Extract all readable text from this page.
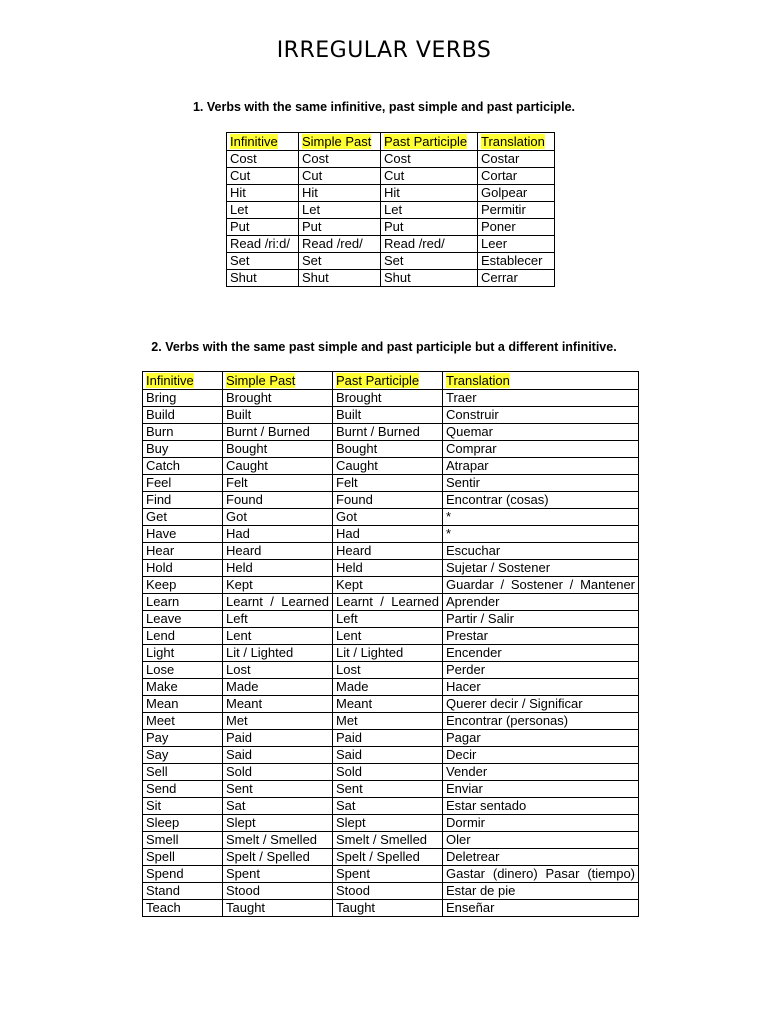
IRREGULAR VERBS
1. Verbs with the same infinitive, past simple and past participle.
Infinitive	Simple Past	Past Participle	Translation
Cost	Cost	Cost	Costar
Cut	Cut	Cut	Cortar
Hit	Hit	Hit	Golpear
Let	Let	Let	Permitir
Put	Put	Put	Poner
Read /ri:d/	Read /red/	Read /red/	Leer
Set	Set	Set	Establecer
Shut	Shut	Shut	Cerrar
2. Verbs with the same past simple and past participle but a different infinitive.
Infinitive	Simple Past	Past Participle	Translation
Bring	Brought	Brought	Traer
Build	Built	Built	Construir
Burn	Burnt / Burned	Burnt / Burned	Quemar
Buy	Bought	Bought	Comprar
Catch	Caught	Caught	Atrapar
Feel	Felt	Felt	Sentir
Find	Found	Found	Encontrar (cosas)
Get	Got	Got	*
Have	Had	Had	*
Hear	Heard	Heard	Escuchar
Hold	Held	Held	Sujetar / Sostener
Keep	Kept	Kept	Guardar / Sostener / Mantener
Learn	Learnt / Learned	Learnt / Learned	Aprender
Leave	Left	Left	Partir / Salir
Lend	Lent	Lent	Prestar
Light	Lit / Lighted	Lit / Lighted	Encender
Lose	Lost	Lost	Perder
Make	Made	Made	Hacer
Mean	Meant	Meant	Querer decir / Significar
Meet	Met	Met	Encontrar (personas)
Pay	Paid	Paid	Pagar
Say	Said	Said	Decir
Sell	Sold	Sold	Vender
Send	Sent	Sent	Enviar
Sit	Sat	Sat	Estar sentado
Sleep	Slept	Slept	Dormir
Smell	Smelt / Smelled	Smelt / Smelled	Oler
Spell	Spelt / Spelled	Spelt / Spelled	Deletrear
Spend	Spent	Spent	Gastar (dinero) Pasar (tiempo)
Stand	Stood	Stood	Estar de pie
Teach	Taught	Taught	Enseñar
